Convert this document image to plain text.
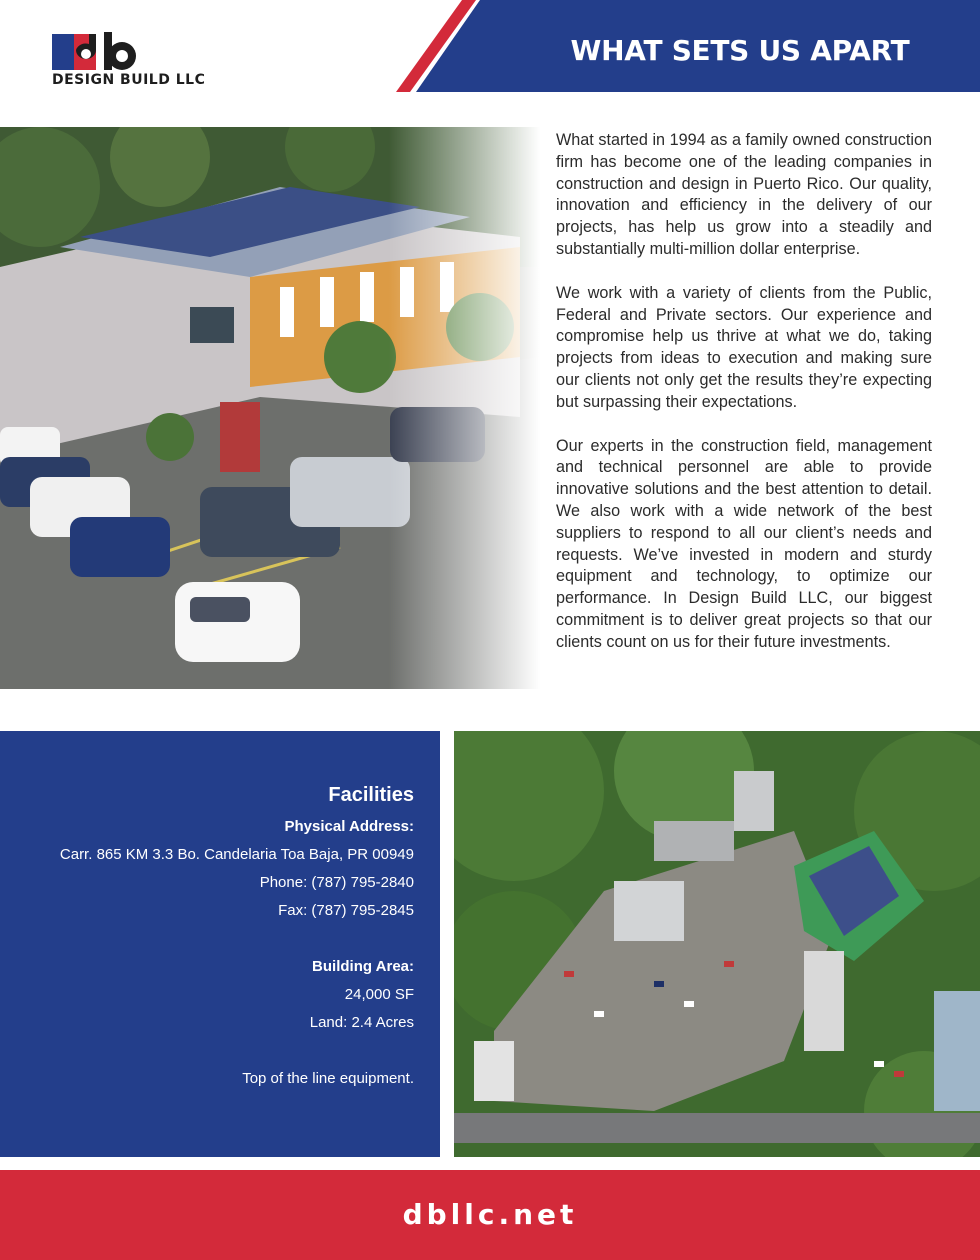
DESIGN BUILD LLC
WHAT SETS US APART

What started in 1994 as a family owned construction firm has become one of the leading companies in construction and design in Puerto Rico. Our quality, innovation and efficiency in the delivery of our projects, has help us grow into a steadily and substantially multi-million dollar enterprise.

We work with a variety of clients from the Public, Federal and Private sectors. Our experience and compromise help us thrive at what we do, taking projects from ideas to execution and making sure our clients not only get the results they’re expecting but surpassing their expectations.

Our experts in the construction field, management and technical personnel are able to provide innovative solutions and the best attention to detail. We also work with a wide network of the best suppliers to respond to all our client’s needs and requests. We’ve invested in modern and sturdy equipment and technology, to optimize our performance. In Design Build LLC, our biggest commitment is to deliver great projects so that our clients count on us for their future investments.

Facilities
Physical Address:
Carr. 865 KM 3.3 Bo. Candelaria Toa Baja, PR 00949
Phone: (787) 795-2840
Fax: (787) 795-2845
Building Area:
24,000 SF
Land: 2.4 Acres
Top of the line equipment.
dbllc.net
